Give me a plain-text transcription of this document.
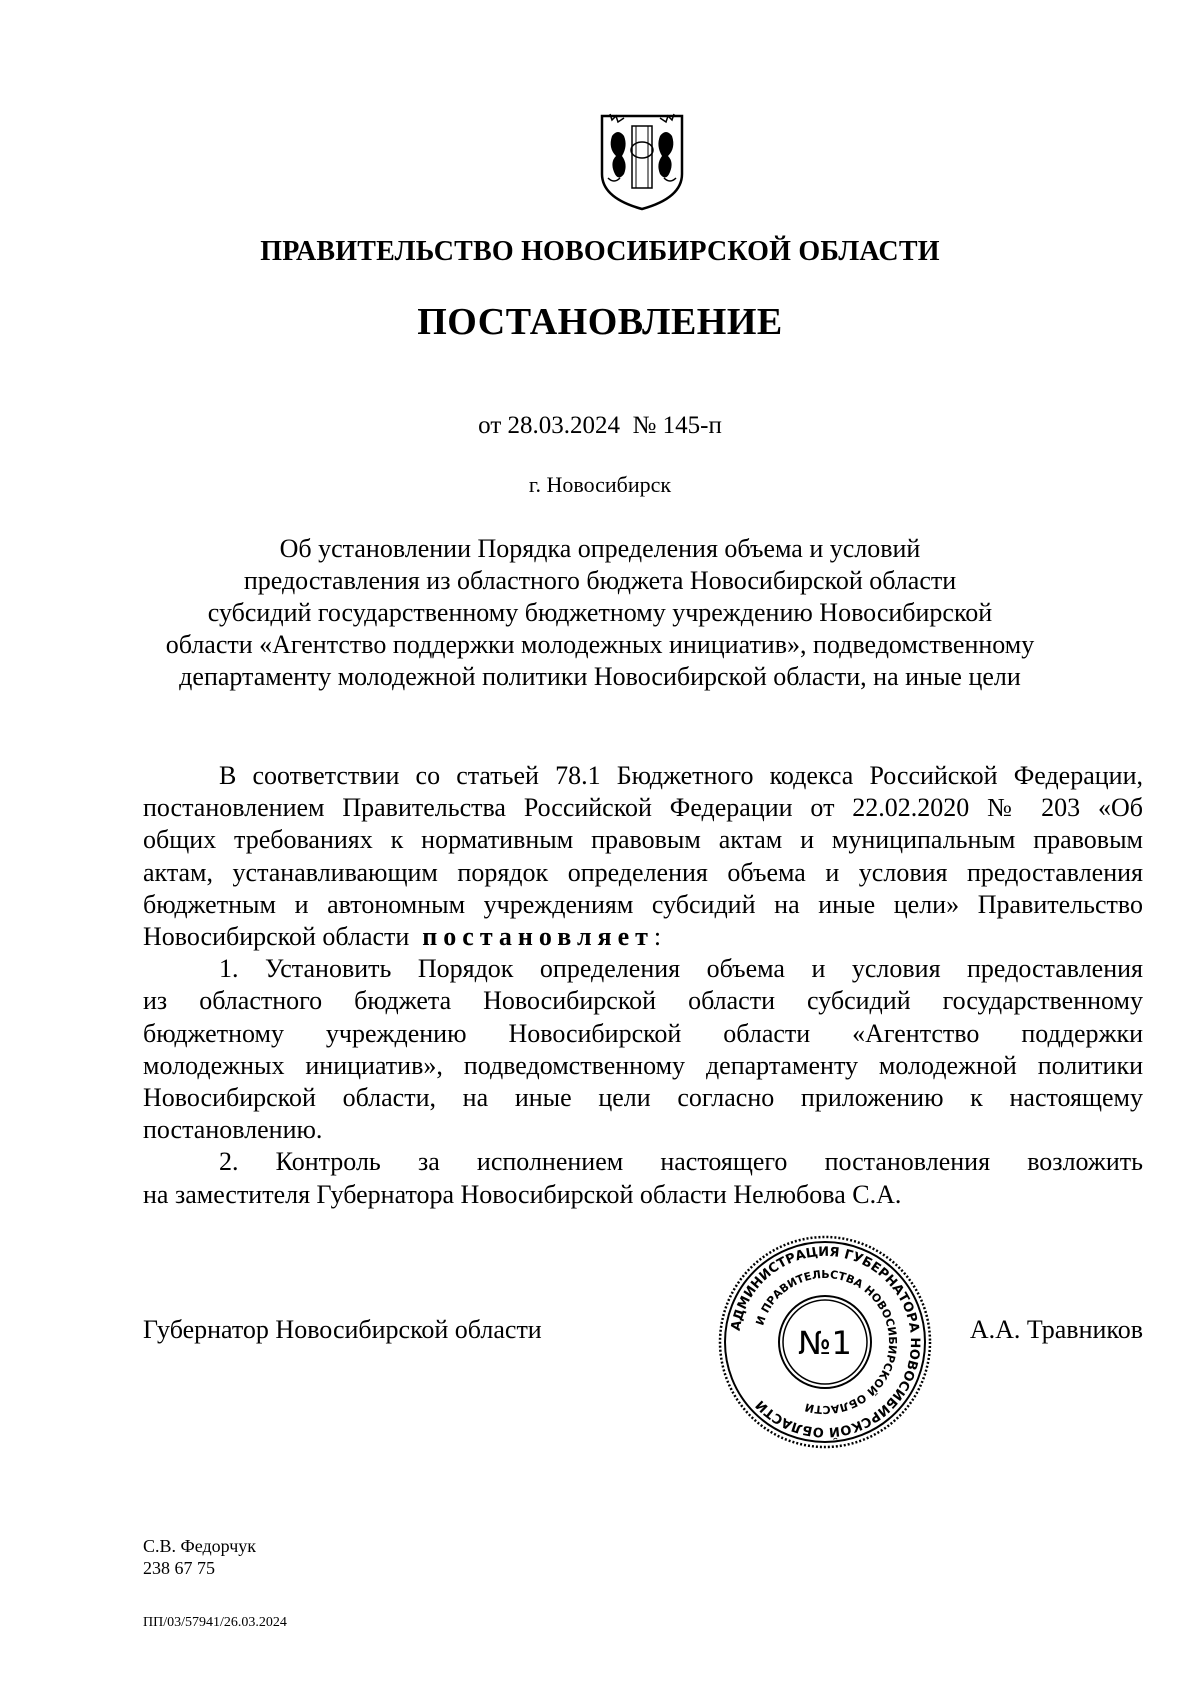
ПРАВИТЕЛЬСТВО НОВОСИБИРСКОЙ ОБЛАСТИ
ПОСТАНОВЛЕНИЕ
от 28.03.2024  № 145-п
г. Новосибирск
Об установлении Порядка определения объема и условий
предоставления из областного бюджета Новосибирской области
субсидий государственному бюджетному учреждению Новосибирской
области «Агентство поддержки молодежных инициатив», подведомственному
департаменту молодежной политики Новосибирской области, на иные цели
В соответствии со статьей 78.1 Бюджетного кодекса Российской Федерации,
постановлением Правительства Российской Федерации от 22.02.2020 № 203 «Об
общих требованиях к нормативным правовым актам и муниципальным правовым
актам, устанавливающим порядок определения объема и условия предоставления
бюджетным и автономным учреждениям субсидий на иные цели» Правительство
Новосибирской области постановляет:
1. Установить Порядок определения объема и условия предоставления
из областного бюджета Новосибирской области субсидий государственному
бюджетному учреждению Новосибирской области «Агентство поддержки
молодежных инициатив», подведомственному департаменту молодежной политики
Новосибирской области, на иные цели согласно приложению к настоящему
постановлению.
2. Контроль за исполнением настоящего постановления возложить
на заместителя Губернатора Новосибирской области Нелюбова С.А.
Губернатор Новосибирской области	А.А. Травников
АДМИНИСТРАЦИЯ ГУБЕРНАТОРА НОВОСИБИРСКОЙ ОБЛАСТИ
И ПРАВИТЕЛЬСТВА НОВОСИБИРСКОЙ ОБЛАСТИ
№1
С.В. Федорчук
238 67 75
ПП/03/57941/26.03.2024
